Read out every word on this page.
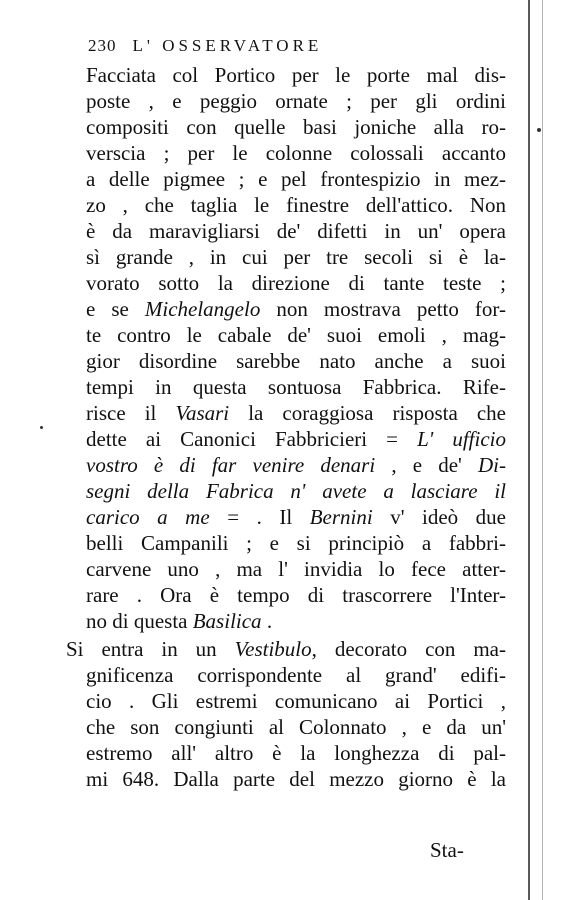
230 L' OSSERVATORE
Facciata col Portico per le porte mal dis-
poste , e peggio ornate ; per gli ordini
compositi con quelle basi joniche alla ro-
verscia ; per le colonne colossali accanto
a delle pigmee ; e pel frontespizio in mez-
zo , che taglia le finestre dell'attico. Non
è da maravigliarsi de' difetti in un' opera
sì grande , in cui per tre secoli si è la-
vorato sotto la direzione di tante teste ;
e se Michelangelo non mostrava petto for-
te contro le cabale de' suoi emoli , mag-
gior disordine sarebbe nato anche a suoi
tempi in questa sontuosa Fabbrica. Rife-
risce il Vasari la coraggiosa risposta che
dette ai Canonici Fabbricieri = L' ufficio
vostro è di far venire denari , e de' Di-
segni della Fabrica n' avete a lasciare il
carico a me = . Il Bernini v' ideò due
belli Campanili ; e si principiò a fabbri-
carvene uno , ma l' invidia lo fece atter-
rare . Ora è tempo di trascorrere l'Inter-
no di questa Basilica .
Si entra in un Vestibulo, decorato con ma-
gnificenza corrispondente al grand' edifi-
cio . Gli estremi comunicano ai Portici ,
che son congiunti al Colonnato , e da un'
estremo all' altro è la longhezza di pal-
mi 648. Dalla parte del mezzo giorno è la
Sta-
